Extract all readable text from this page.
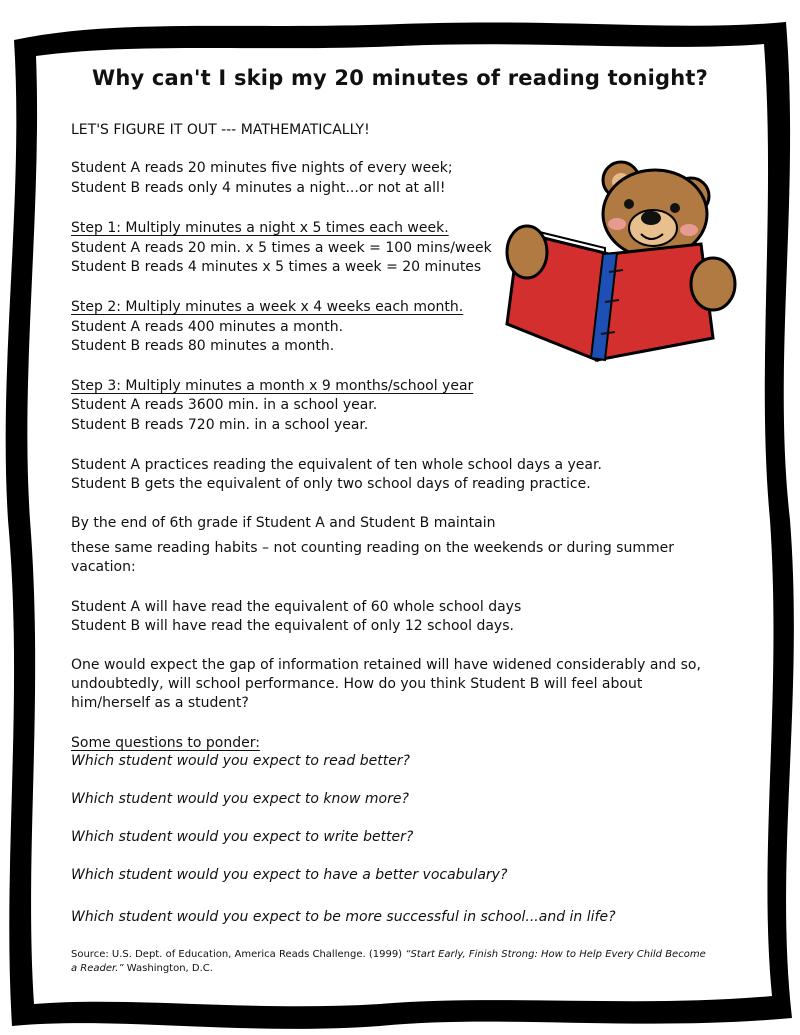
Why can't I skip my 20 minutes of reading tonight?
LET'S FIGURE IT OUT --- MATHEMATICALLY!
Student A reads 20 minutes five nights of every week;
Student B reads only 4 minutes a night...or not at all!
Step 1: Multiply minutes a night x 5 times each week.
Student A reads 20 min. x 5 times a week = 100 mins/week
Student B reads 4 minutes x 5 times a week = 20 minutes
Step 2: Multiply minutes a week x 4 weeks each month.
Student A reads 400 minutes a month.
Student B reads 80 minutes a month.
Step 3: Multiply minutes a month x 9 months/school year
Student A reads 3600 min. in a school year.
Student B reads 720 min. in a school year.
Student A practices reading the equivalent of ten whole school days a year.
Student B gets the equivalent of only two school days of reading practice.
By the end of 6th grade if Student A and Student B maintain
these same reading habits – not counting reading on the weekends or during summer vacation:
Student A will have read the equivalent of 60 whole school days
Student B will have read the equivalent of only 12 school days.
One would expect the gap of information retained will have widened considerably and so, undoubtedly, will school performance. How do you think Student B will feel about him/herself as a student?
Some questions to ponder:
Which student would you expect to read better?
Which student would you expect to know more?
Which student would you expect to write better?
Which student would you expect to have a better vocabulary?
Which student would you expect to be more successful in school...and in life?
Source: U.S. Dept. of Education, America Reads Challenge. (1999) “Start Early, Finish Strong: How to Help Every Child Become a Reader.” Washington, D.C.
